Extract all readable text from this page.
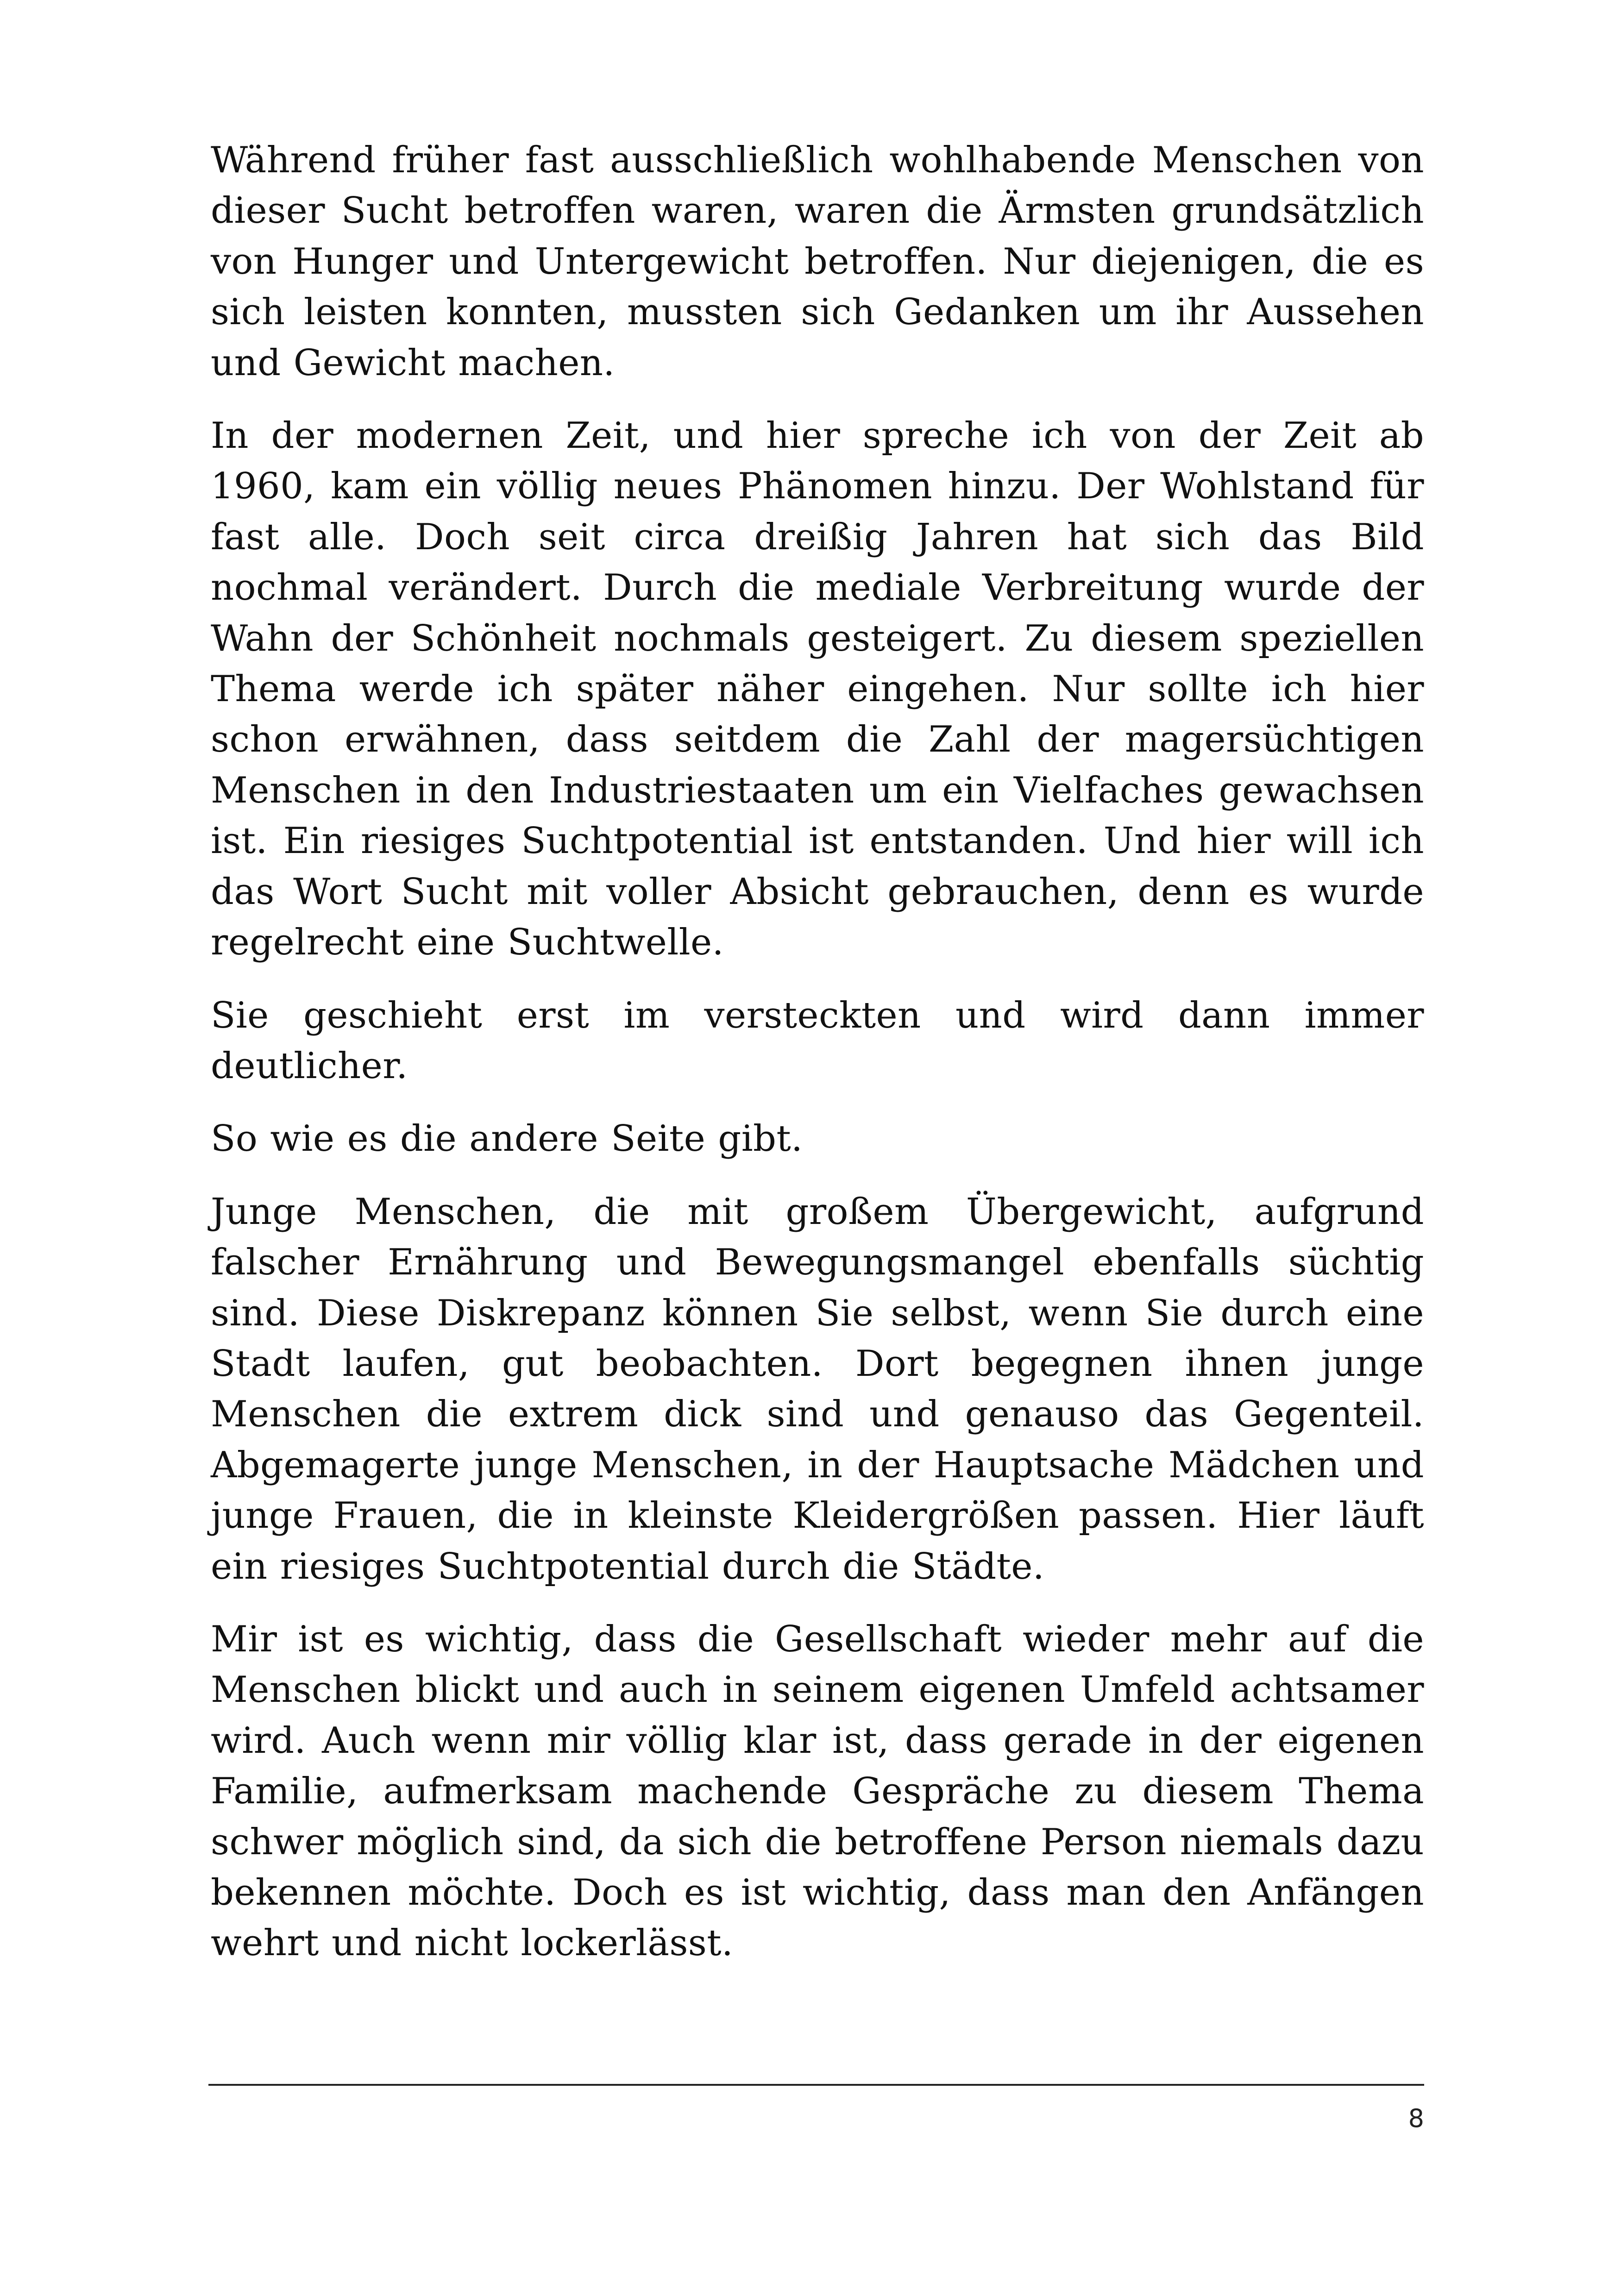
Während früher fast ausschließlich wohlhabende Menschen von dieser Sucht betroffen waren, waren die Ärmsten grundsätzlich von Hunger und Untergewicht betroffen. Nur diejenigen, die es sich leisten konnten, mussten sich Gedanken um ihr Aussehen und Gewicht machen.

In der modernen Zeit, und hier spreche ich von der Zeit ab 1960, kam ein völlig neues Phänomen hinzu. Der Wohlstand für fast alle. Doch seit circa dreißig Jahren hat sich das Bild nochmal verändert. Durch die mediale Verbreitung wurde der Wahn der Schönheit nochmals gesteigert. Zu diesem speziellen Thema werde ich später näher eingehen. Nur sollte ich hier schon erwähnen, dass seitdem die Zahl der magersüchtigen Menschen in den Industriestaaten um ein Vielfaches gewachsen ist. Ein riesiges Suchtpotential ist entstanden. Und hier will ich das Wort Sucht mit voller Absicht gebrauchen, denn es wurde regelrecht eine Suchtwelle.

Sie geschieht erst im versteckten und wird dann immer deutlicher.

So wie es die andere Seite gibt.

Junge Menschen, die mit großem Übergewicht, aufgrund falscher Ernährung und Bewegungsmangel ebenfalls süchtig sind. Diese Diskrepanz können Sie selbst, wenn Sie durch eine Stadt laufen, gut beobachten. Dort begegnen ihnen junge Menschen die extrem dick sind und genauso das Gegenteil. Abgemagerte junge Menschen, in der Hauptsache Mädchen und junge Frauen, die in kleinste Kleidergrößen passen. Hier läuft ein riesiges Suchtpotential durch die Städte.

Mir ist es wichtig, dass die Gesellschaft wieder mehr auf die Menschen blickt und auch in seinem eigenen Umfeld achtsamer wird. Auch wenn mir völlig klar ist, dass gerade in der eigenen Familie, aufmerksam machende Gespräche zu diesem Thema schwer möglich sind, da sich die betroffene Person niemals dazu bekennen möchte. Doch es ist wichtig, dass man den Anfängen wehrt und nicht lockerlässt.

8
